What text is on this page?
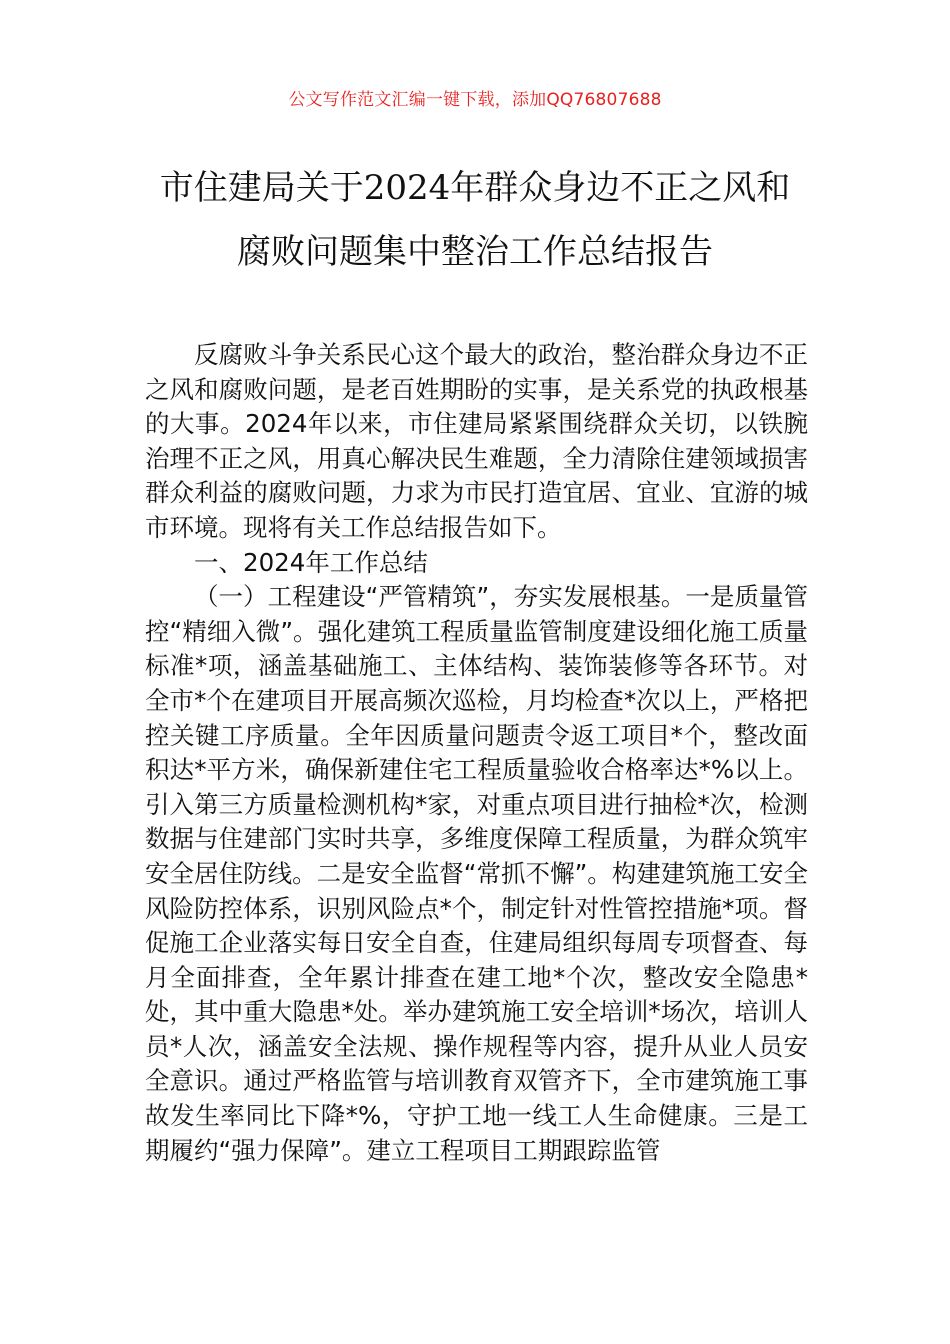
公文写作范文汇编一键下载，添加QQ76807688
市住建局关于2024年群众身边不正之风和
腐败问题集中整治工作总结报告

反腐败斗争关系民心这个最大的政治，整治群众身边不正之风和腐败问题，是老百姓期盼的实事，是关系党的执政根基的大事。2024年以来，市住建局紧紧围绕群众关切，以铁腕治理不正之风，用真心解决民生难题，全力清除住建领域损害群众利益的腐败问题，力求为市民打造宜居、宜业、宜游的城市环境。现将有关工作总结报告如下。

一、2024年工作总结

（一）工程建设“严管精筑”，夯实发展根基。一是质量管控“精细入微”。强化建筑工程质量监管制度建设细化施工质量标准*项，涵盖基础施工、主体结构、装饰装修等各环节。对全市*个在建项目开展高频次巡检，月均检查*次以上，严格把控关键工序质量。全年因质量问题责令返工项目*个，整改面积达*平方米，确保新建住宅工程质量验收合格率达*%以上。引入第三方质量检测机构*家，对重点项目进行抽检*次，检测数据与住建部门实时共享，多维度保障工程质量，为群众筑牢安全居住防线。二是安全监督“常抓不懈”。构建建筑施工安全风险防控体系，识别风险点*个，制定针对性管控措施*项。督促施工企业落实每日安全自查，住建局组织每周专项督查、每月全面排查，全年累计排查在建工地*个次，整改安全隐患*处，其中重大隐患*处。举办建筑施工安全培训*场次，培训人员*人次，涵盖安全法规、操作规程等内容，提升从业人员安全意识。通过严格监管与培训教育双管齐下，全市建筑施工事故发生率同比下降*%，守护工地一线工人生命健康。三是工期履约“强力保障”。建立工程项目工期跟踪监管
